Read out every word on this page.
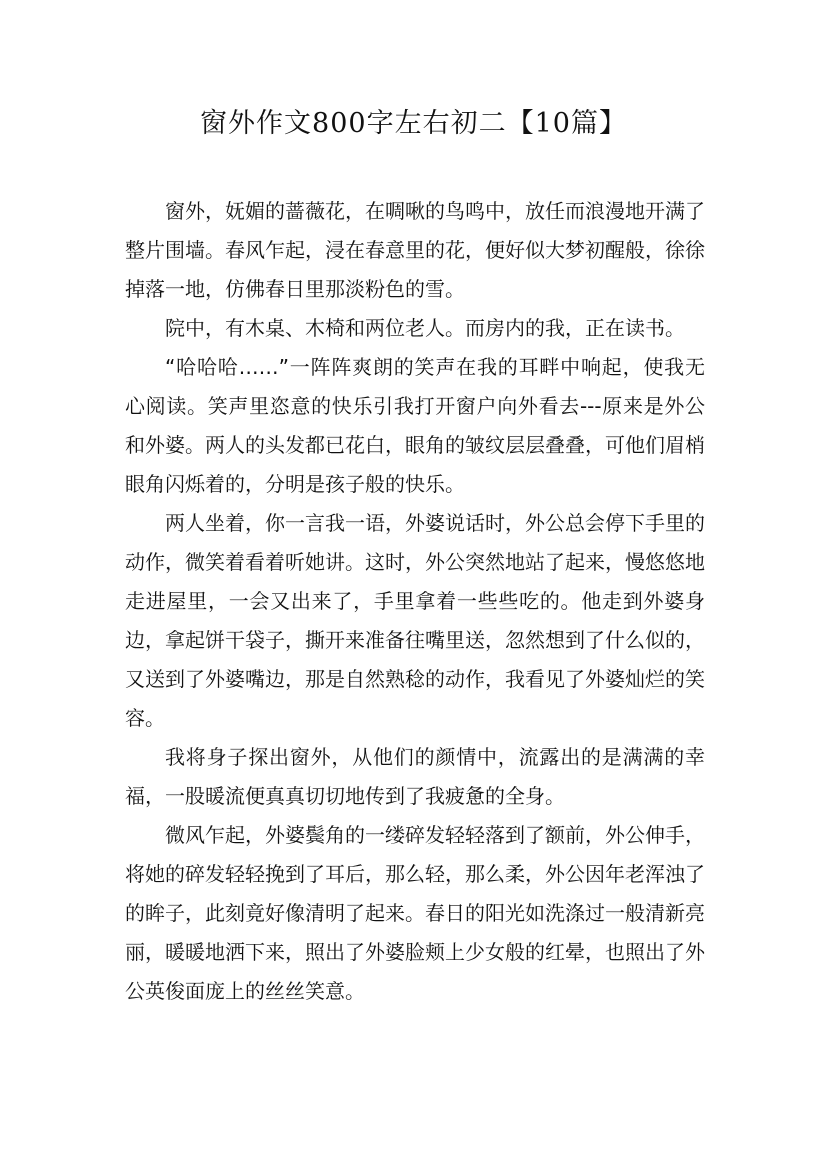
窗外作文800字左右初二【10篇】

窗外，妩媚的蔷薇花，在啁啾的鸟鸣中，放任而浪漫地开满了整片围墙。春风乍起，浸在春意里的花，便好似大梦初醒般，徐徐掉落一地，仿佛春日里那淡粉色的雪。

院中，有木桌、木椅和两位老人。而房内的我，正在读书。

“哈哈哈……”一阵阵爽朗的笑声在我的耳畔中响起，使我无心阅读。笑声里恣意的快乐引我打开窗户向外看去---原来是外公和外婆。两人的头发都已花白，眼角的皱纹层层叠叠，可他们眉梢眼角闪烁着的，分明是孩子般的快乐。

两人坐着，你一言我一语，外婆说话时，外公总会停下手里的动作，微笑着看着听她讲。这时，外公突然地站了起来，慢悠悠地走进屋里，一会又出来了，手里拿着一些些吃的。他走到外婆身边，拿起饼干袋子，撕开来准备往嘴里送，忽然想到了什么似的，又送到了外婆嘴边，那是自然熟稔的动作，我看见了外婆灿烂的笑容。

我将身子探出窗外，从他们的颜情中，流露出的是满满的幸福，一股暖流便真真切切地传到了我疲惫的全身。

微风乍起，外婆鬓角的一缕碎发轻轻落到了额前，外公伸手，将她的碎发轻轻挽到了耳后，那么轻，那么柔，外公因年老浑浊了的眸子，此刻竟好像清明了起来。春日的阳光如洗涤过一般清新亮丽，暖暖地洒下来，照出了外婆脸颊上少女般的红晕，也照出了外公英俊面庞上的丝丝笑意。
